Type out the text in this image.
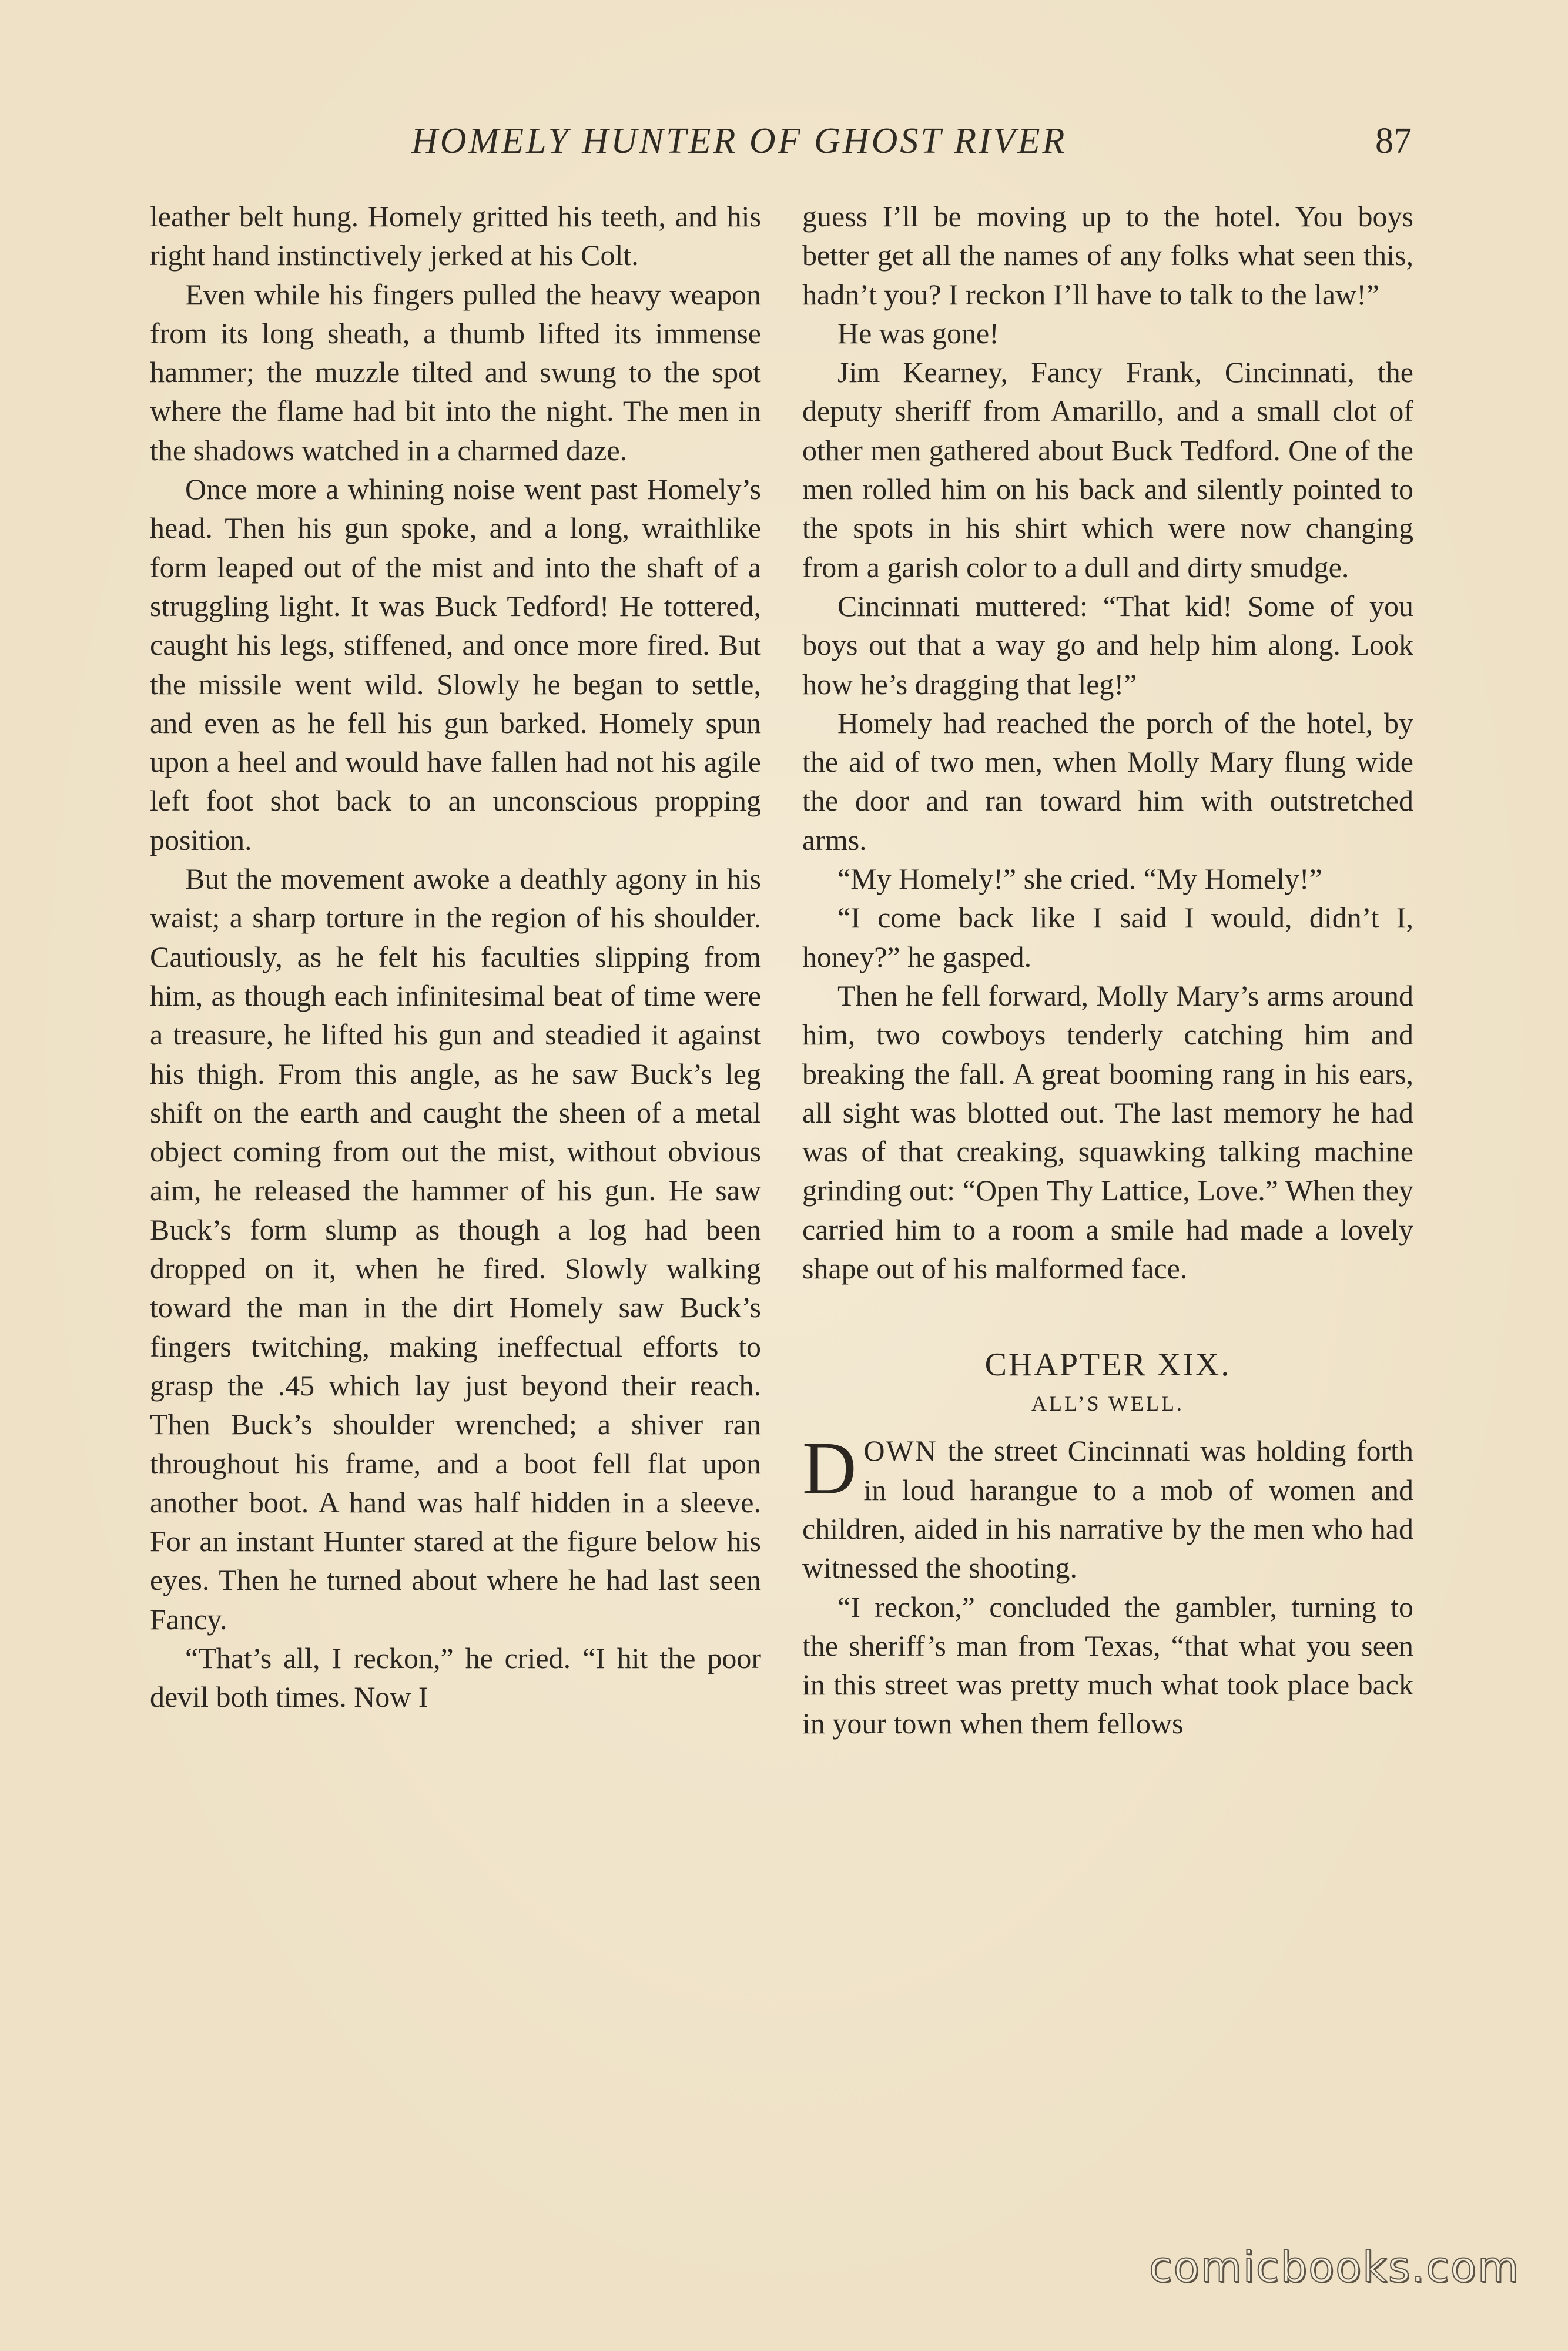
HOMELY HUNTER OF GHOST RIVER	87

leather belt hung. Homely gritted his teeth, and his right hand instinctively jerked at his Colt.

Even while his fingers pulled the heavy weapon from its long sheath, a thumb lifted its immense hammer; the muzzle tilted and swung to the spot where the flame had bit into the night. The men in the shadows watched in a charmed daze.

Once more a whining noise went past Homely’s head. Then his gun spoke, and a long, wraithlike form leaped out of the mist and into the shaft of a struggling light. It was Buck Tedford! He tottered, caught his legs, stiffened, and once more fired. But the missile went wild. Slowly he began to settle, and even as he fell his gun barked. Homely spun upon a heel and would have fallen had not his agile left foot shot back to an unconscious propping position.

But the movement awoke a deathly agony in his waist; a sharp torture in the region of his shoulder. Cautiously, as he felt his faculties slipping from him, as though each infinitesimal beat of time were a treasure, he lifted his gun and steadied it against his thigh. From this angle, as he saw Buck’s leg shift on the earth and caught the sheen of a metal object coming from out the mist, without obvious aim, he released the hammer of his gun. He saw Buck’s form slump as though a log had been dropped on it, when he fired. Slowly walking toward the man in the dirt Homely saw Buck’s fingers twitching, making ineffectual efforts to grasp the .45 which lay just beyond their reach. Then Buck’s shoulder wrenched; a shiver ran throughout his frame, and a boot fell flat upon another boot. A hand was half hidden in a sleeve. For an instant Hunter stared at the figure below his eyes. Then he turned about where he had last seen Fancy.

“That’s all, I reckon,” he cried. “I hit the poor devil both times. Now I

guess I’ll be moving up to the hotel. You boys better get all the names of any folks what seen this, hadn’t you? I reckon I’ll have to talk to the law!”

He was gone!

Jim Kearney, Fancy Frank, Cincinnati, the deputy sheriff from Amarillo, and a small clot of other men gathered about Buck Tedford. One of the men rolled him on his back and silently pointed to the spots in his shirt which were now changing from a garish color to a dull and dirty smudge.

Cincinnati muttered: “That kid! Some of you boys out that a way go and help him along. Look how he’s dragging that leg!”

Homely had reached the porch of the hotel, by the aid of two men, when Molly Mary flung wide the door and ran toward him with outstretched arms.

“My Homely!” she cried. “My Homely!”

“I come back like I said I would, didn’t I, honey?” he gasped.

Then he fell forward, Molly Mary’s arms around him, two cowboys tenderly catching him and breaking the fall. A great booming rang in his ears, all sight was blotted out. The last memory he had was of that creaking, squawking talking machine grinding out: “Open Thy Lattice, Love.” When they carried him to a room a smile had made a lovely shape out of his malformed face.

CHAPTER XIX.
ALL’S WELL.

DOWN the street Cincinnati was holding forth in loud harangue to a mob of women and children, aided in his narrative by the men who had witnessed the shooting.

“I reckon,” concluded the gambler, turning to the sheriff’s man from Texas, “that what you seen in this street was pretty much what took place back in your town when them fellows

comicbooks.com
